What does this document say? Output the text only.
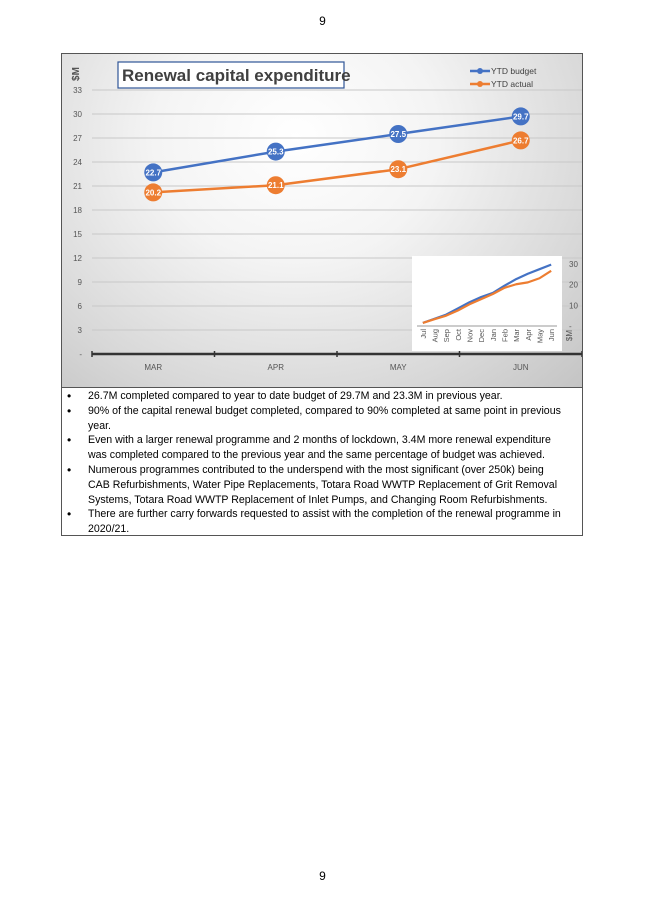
9
-
3
6
9
12
15
18
21
24
27
30
33
MAR	APR	MAY	JUN
$M Renewal capital expenditure
-
10
20
30
Jul Aug Sep Oct Nov Dec Jan Feb Mar Apr May Jun $M
22.7
25.3
27.5
29.7
20.2
21.1
23.1
26.7
YTD budget
YTD actual
• 26.7M completed compared to year to date budget of 29.7M and 23.3M in previous year.
• 90% of the capital renewal budget completed, compared to 90% completed at same point in previous year.
• Even with a larger renewal programme and 2 months of lockdown, 3.4M more renewal expenditure was completed compared to the previous year and the same percentage of budget was achieved.
• Numerous programmes contributed to the underspend with the most significant (over 250k) being CAB Refurbishments, Water Pipe Replacements, Totara Road WWTP Replacement of Grit Removal Systems, Totara Road WWTP Replacement of Inlet Pumps, and Changing Room Refurbishments.
• There are further carry forwards requested to assist with the completion of the renewal programme in 2020/21.
9
